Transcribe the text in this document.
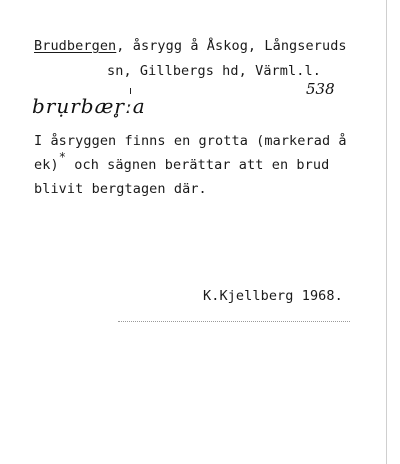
Brudbergen, åsrygg å Åskog, Långseruds
sn, Gillbergs hd, Värml.l.
538
brụrbær̥ːa
I åsryggen finns en grotta (markerad å
ek)* och sägnen berättar att en brud
blivit bergtagen där.
K.Kjellberg 1968.
